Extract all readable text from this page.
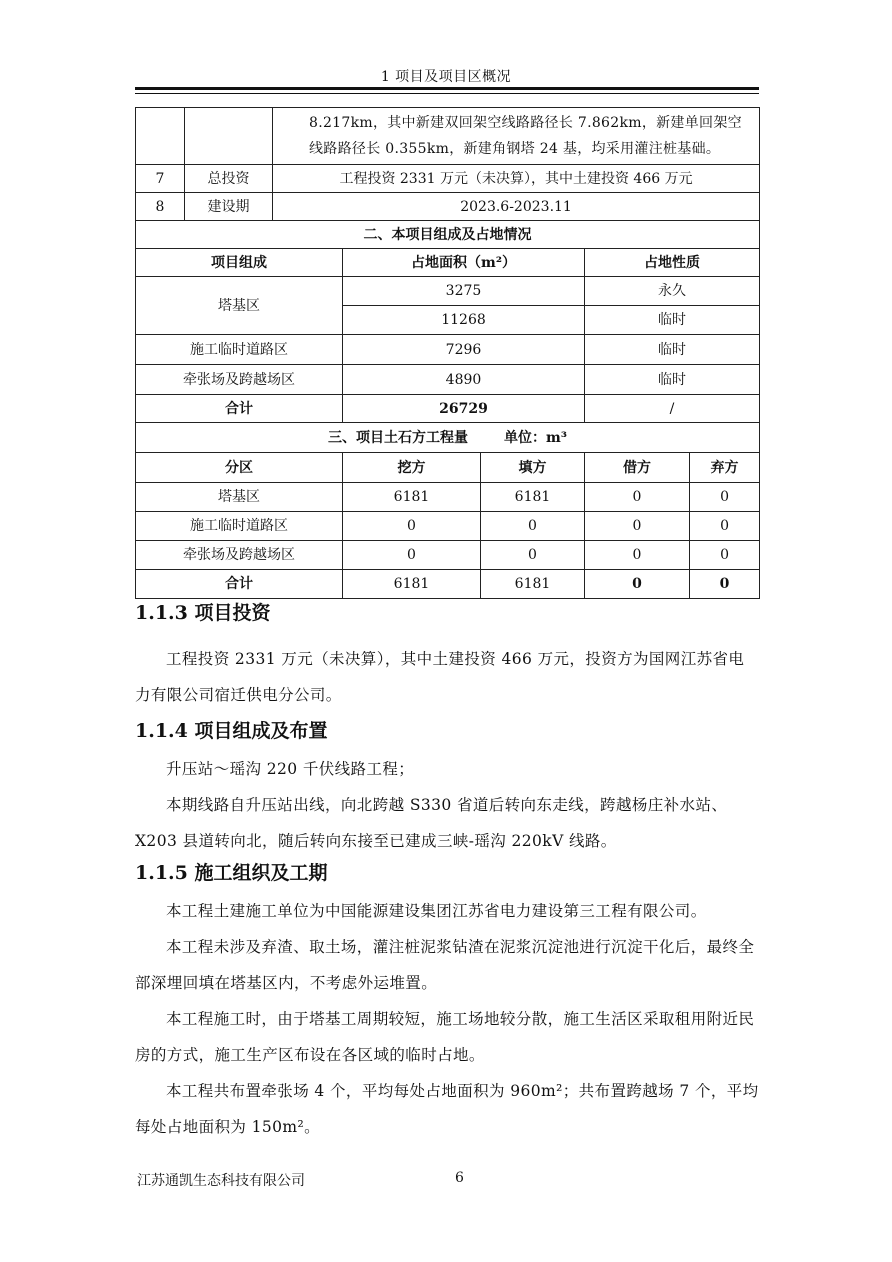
1 项目及项目区概况
		8.217km，其中新建双回架空线路路径长 7.862km，新建单回架空线路路径长 0.355km，新建角钢塔 24 基，均采用灌注桩基础。				
7	总投资	工程投资 2331 万元（未决算），其中土建投资 466 万元				
8	建设期	2023.6-2023.11				
二、本项目组成及占地情况						
项目组成			占地面积（m²）		占地性质	
塔基区			3275		永久	
			11268		临时	
施工临时道路区			7296		临时	
牵张场及跨越场区			4890		临时	
合计			26729		/	
三、项目土石方工程量 单位：m³						
分区			挖方	填方	借方	弃方
塔基区			6181	6181	0	0
施工临时道路区			0	0	0	0
牵张场及跨越场区			0	0	0	0
合计			6181	6181	0	0
1.1.3 项目投资

工程投资 2331 万元（未决算），其中土建投资 466 万元，投资方为国网江苏省电力有限公司宿迁供电分公司。

1.1.4 项目组成及布置

升压站～瑶沟 220 千伏线路工程；

本期线路自升压站出线，向北跨越 S330 省道后转向东走线，跨越杨庄补水站、X203 县道转向北，随后转向东接至已建成三峡-瑶沟 220kV 线路。

1.1.5 施工组织及工期

本工程土建施工单位为中国能源建设集团江苏省电力建设第三工程有限公司。

本工程未涉及弃渣、取土场，灌注桩泥浆钻渣在泥浆沉淀池进行沉淀干化后，最终全部深埋回填在塔基区内，不考虑外运堆置。

本工程施工时，由于塔基工周期较短，施工场地较分散，施工生活区采取租用附近民房的方式，施工生产区布设在各区域的临时占地。

本工程共布置牵张场 4 个，平均每处占地面积为 960m²；共布置跨越场 7 个，平均每处占地面积为 150m²。

江苏通凯生态科技有限公司	6
